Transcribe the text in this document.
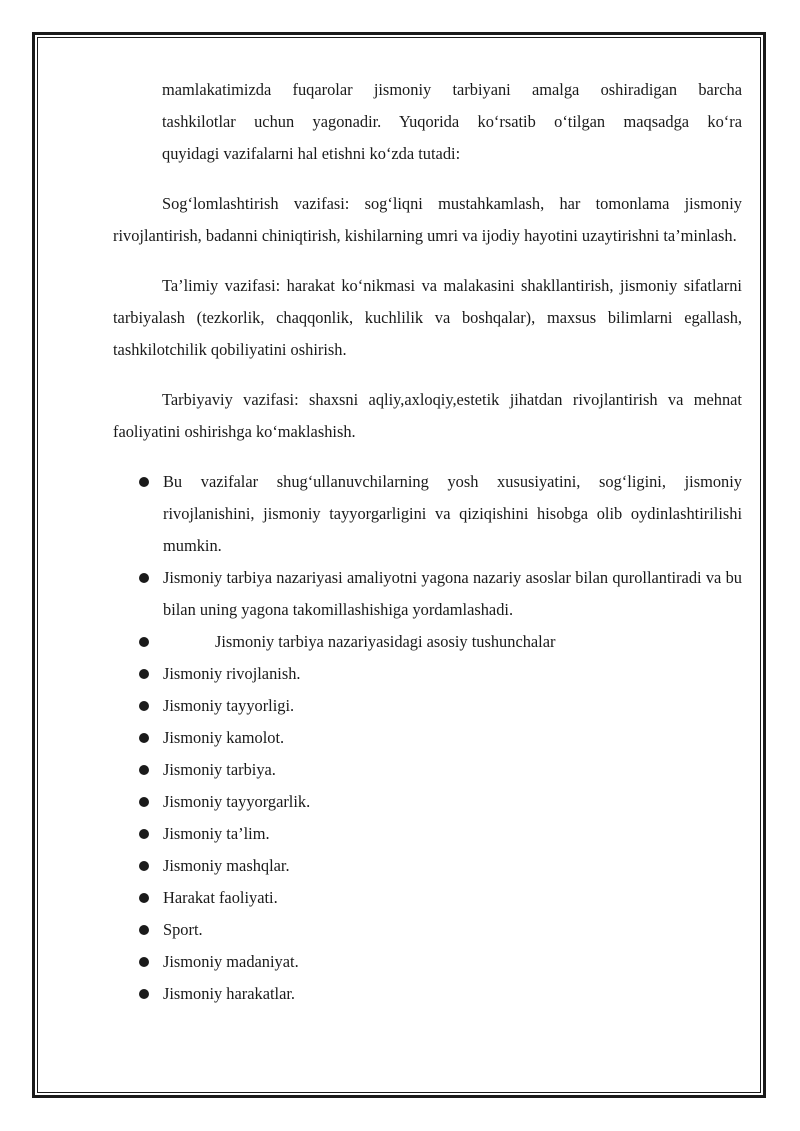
mamlakatimizda fuqarolar jismoniy tarbiyani amalga oshiradigan barcha

tashkilotlar uchun yagonadir. Yuqorida ko‘rsatib o‘tilgan maqsadga ko‘ra

quyidagi vazifalarni hal etishni ko‘zda tutadi:

Sog‘lomlashtirish vazifasi: sog‘liqni mustahkamlash, har tomonlama jismoniy rivojlantirish, badanni chiniqtirish, kishilarning umri va ijodiy hayotini uzaytirishni ta’minlash.

Ta’limiy vazifasi: harakat ko‘nikmasi va malakasini shakllantirish, jismoniy sifatlarni tarbiyalash (tezkorlik, chaqqonlik, kuchlilik va boshqalar), maxsus bilimlarni egallash, tashkilotchilik qobiliyatini oshirish.

Tarbiyaviy vazifasi: shaxsni aqliy,axloqiy,estetik jihatdan rivojlantirish va mehnat faoliyatini oshirishga ko‘maklashish.

Bu vazifalar shug‘ullanuvchilarning yosh xususiyatini, sog‘ligini, jismoniy rivojlanishini, jismoniy tayyorgarligini va qiziqishini hisobga olib oydinlashtirilishi mumkin.
Jismoniy tarbiya nazariyasi amaliyotni yagona nazariy asoslar bilan qurollantiradi va bu bilan uning yagona takomillashishiga yordamlashadi.
Jismoniy tarbiya nazariyasidagi asosiy tushunchalar
Jismoniy rivojlanish.
Jismoniy tayyorligi.
Jismoniy kamolot.
Jismoniy tarbiya.
Jismoniy tayyorgarlik.
Jismoniy ta’lim.
Jismoniy mashqlar.
Harakat faoliyati.
Sport.
Jismoniy madaniyat.
Jismoniy harakatlar.
